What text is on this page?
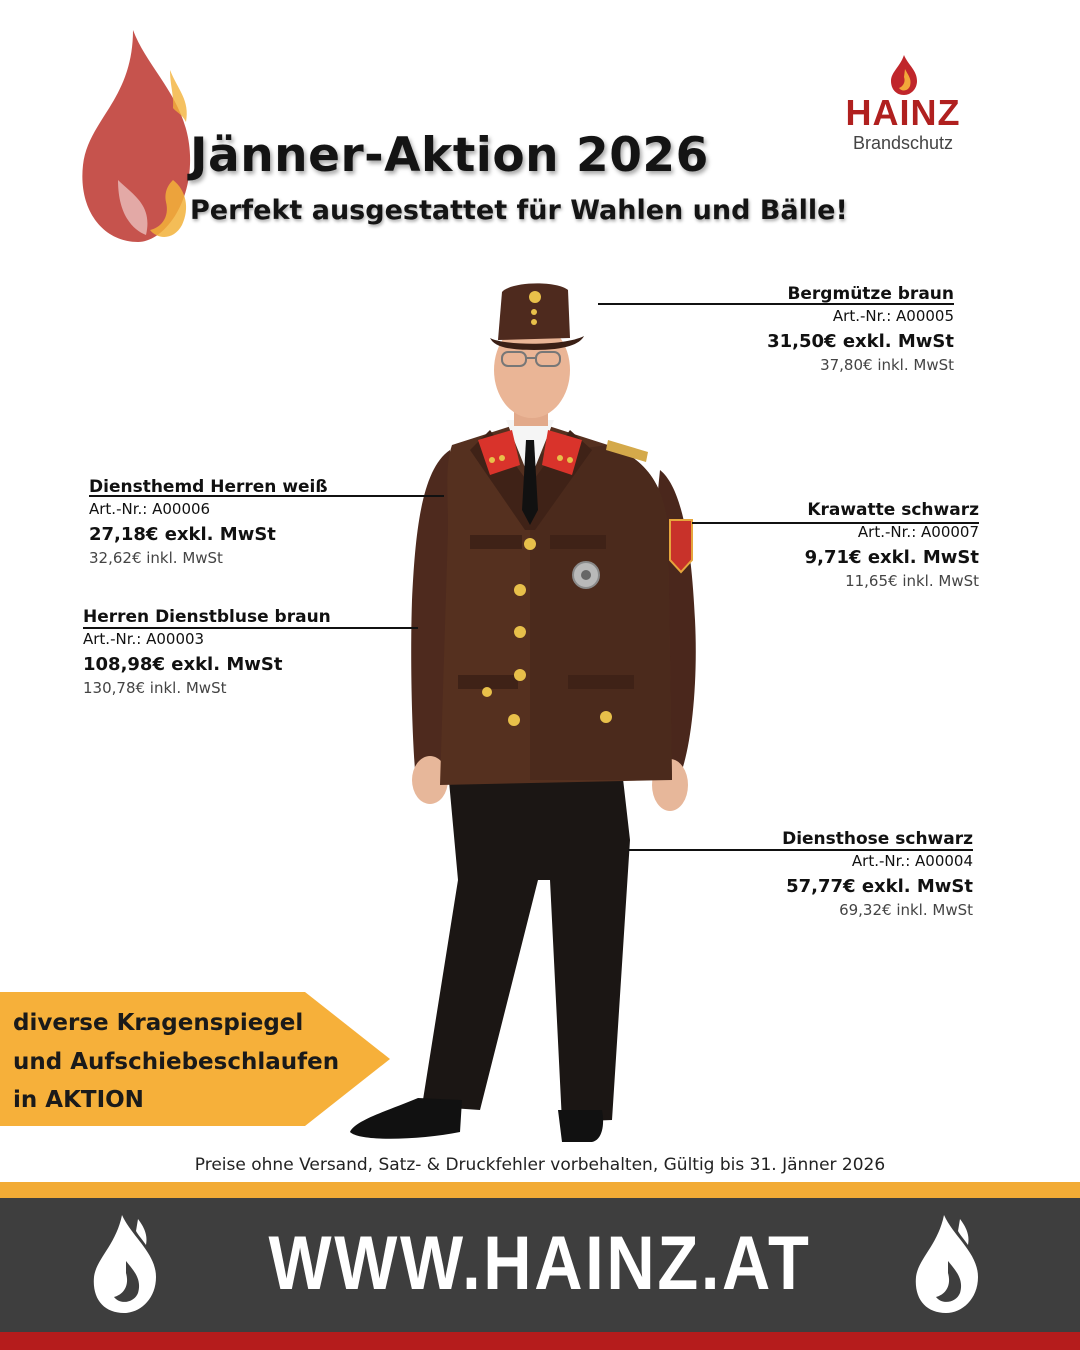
Jänner-Aktion 2026
Perfekt ausgestattet für Wahlen und Bälle!
HAINZ
Brandschutz
Bergmütze braun
Art.-Nr.: A00005
31,50€ exkl. MwSt
37,80€ inkl. MwSt
Diensthemd Herren weiß
Art.-Nr.: A00006
27,18€ exkl. MwSt
32,62€ inkl. MwSt
Krawatte schwarz
Art.-Nr.: A00007
9,71€ exkl. MwSt
11,65€ inkl. MwSt
Herren Dienstbluse braun
Art.-Nr.: A00003
108,98€ exkl. MwSt
130,78€ inkl. MwSt
Diensthose schwarz
Art.-Nr.: A00004
57,77€ exkl. MwSt
69,32€ inkl. MwSt
diverse Kragenspiegel
und Aufschiebeschlaufen
in AKTION
Preise ohne Versand, Satz- & Druckfehler vorbehalten, Gültig bis 31. Jänner 2026
WWW.HAINZ.AT
